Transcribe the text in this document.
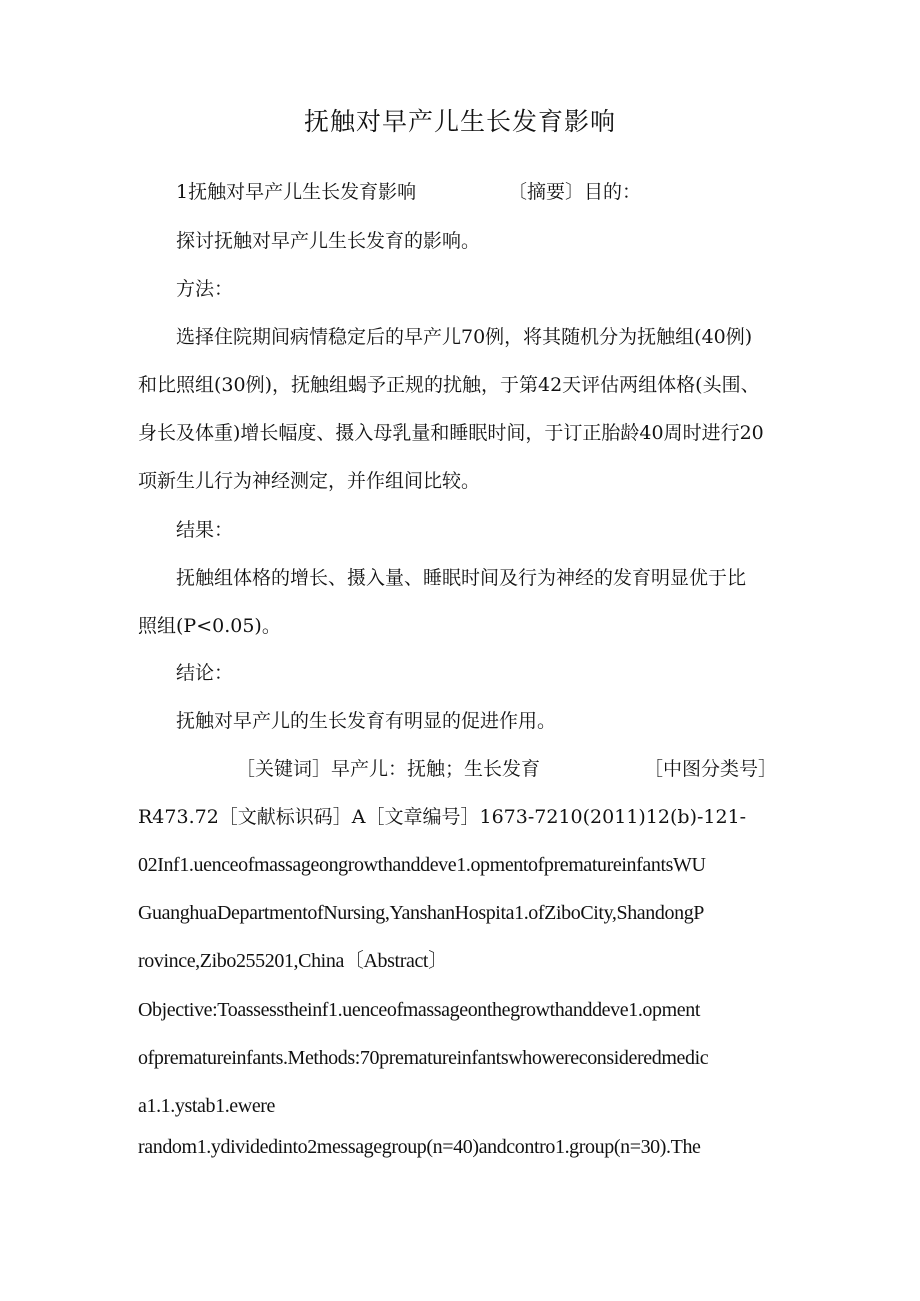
抚触对早产儿生长发育影响
1抚触对早产儿生长发育影响	〔摘要〕目的：
探讨抚触对早产儿生长发育的影响。
方法：
选择住院期间病情稳定后的早产儿70例，将其随机分为抚触组(40例)
和比照组(30例)，抚触组蝎予正规的扰触，于第42天评估两组体格(头围、
身长及体重)增长幅度、摄入母乳量和睡眠时间，于订正胎龄40周时进行20
项新生儿行为神经测定，并作组间比较。
结果：
抚触组体格的增长、摄入量、睡眠时间及行为神经的发育明显优于比
照组(P<0.05)。
结论：
抚触对早产儿的生长发育有明显的促进作用。
［关键词］早产儿：抚触；生长发育	［中图分类号］
R473.72［文献标识码］A［文章编号］1673-7210(2011)12(b)-121-
02Inf1.uenceofmassageongrowthanddeve1.opmentofprematureinfantsWU
GuanghuaDepartmentofNursing,YanshanHospita1.ofZiboCity,ShandongP
rovince,Zibo255201,China〔Abstract〕
Objective:Toassesstheinf1.uenceofmassageonthegrowthanddeve1.opment
ofprematureinfants.Methods:70prematureinfantswhowereconsideredmedic
a1.1.ystab1.ewere
random1.ydividedinto2messagegroup(n=40)andcontro1.group(n=30).The
